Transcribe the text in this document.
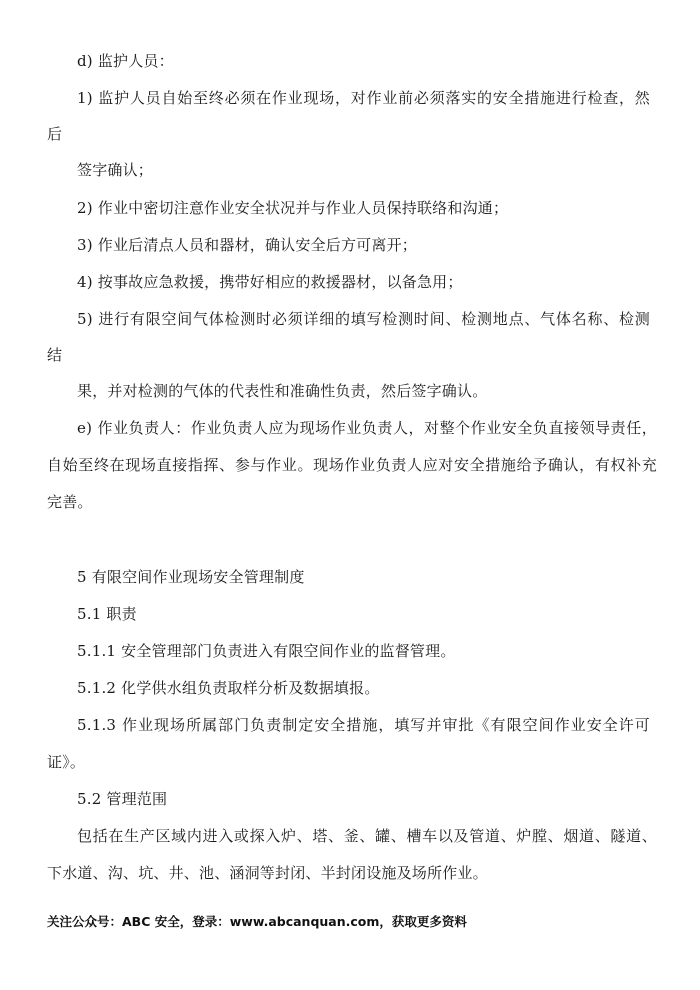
d) 监护人员：
1) 监护人员自始至终必须在作业现场，对作业前必须落实的安全措施进行检查，然
后
签字确认；
2) 作业中密切注意作业安全状况并与作业人员保持联络和沟通；
3) 作业后清点人员和器材，确认安全后方可离开；
4) 按事故应急救援，携带好相应的救援器材，以备急用；
5) 进行有限空间气体检测时必须详细的填写检测时间、检测地点、气体名称、检测
结
果，并对检测的气体的代表性和准确性负责，然后签字确认。
e) 作业负责人：作业负责人应为现场作业负责人，对整个作业安全负直接领导责任，
自始至终在现场直接指挥、参与作业。现场作业负责人应对安全措施给予确认，有权补充
完善。
5 有限空间作业现场安全管理制度
5.1 职责
5.1.1 安全管理部门负责进入有限空间作业的监督管理。
5.1.2 化学供水组负责取样分析及数据填报。
5.1.3 作业现场所属部门负责制定安全措施，填写并审批《有限空间作业安全许可
证》。
5.2 管理范围
包括在生产区域内进入或探入炉、塔、釜、罐、槽车以及管道、炉膛、烟道、隧道、
下水道、沟、坑、井、池、涵洞等封闭、半封闭设施及场所作业。
关注公众号：ABC 安全，登录：www.abcanquan.com，获取更多资料
